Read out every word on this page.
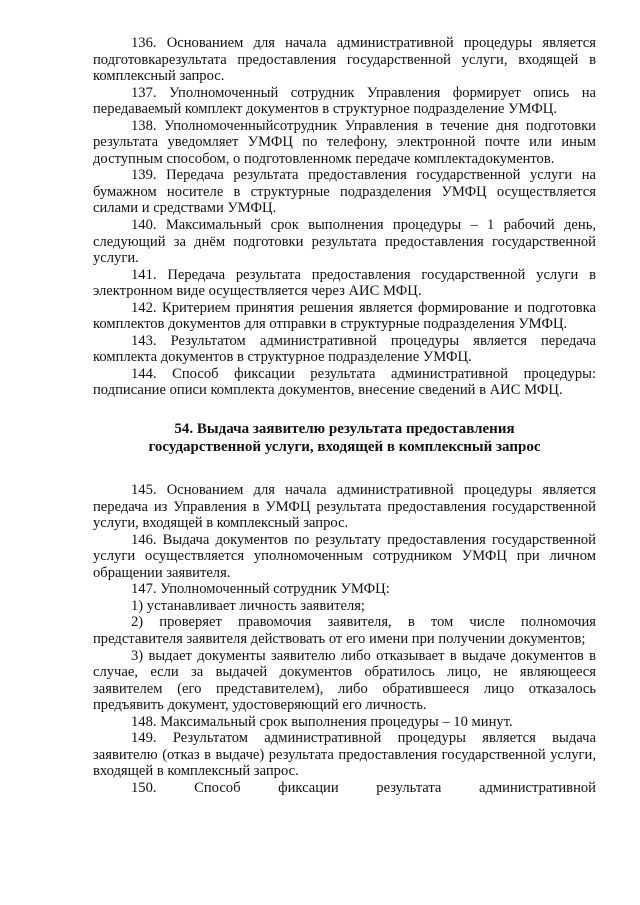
136. Основанием для начала административной процедуры является подготовкарезультата предоставления государственной услуги, входящей в комплексный запрос.

137. Уполномоченный сотрудник Управления формирует опись на передаваемый комплект документов в структурное подразделение УМФЦ.

138. Уполномоченныйсотрудник Управления в течение дня подготовки результата уведомляет УМФЦ по телефону, электронной почте или иным доступным способом, о подготовленномк передаче комплектадокументов.

139. Передача результата предоставления государственной услуги на бумажном носителе в структурные подразделения УМФЦ осуществляется силами и средствами УМФЦ.

140. Максимальный срок выполнения процедуры – 1 рабочий день, следующий за днём подготовки результата предоставления государственной услуги.

141. Передача результата предоставления государственной услуги в электронном виде осуществляется через АИС МФЦ.

142. Критерием принятия решения является формирование и подготовка комплектов документов для отправки в структурные подразделения УМФЦ.

143. Результатом административной процедуры является передача комплекта документов в структурное подразделение УМФЦ.

144. Способ фиксации результата административной процедуры: подписание описи комплекта документов, внесение сведений в АИС МФЦ.

54. Выдача заявителю результата предоставления
государственной услуги, входящей в комплексный запрос

145. Основанием для начала административной процедуры является передача из Управления в УМФЦ результата предоставления государственной услуги, входящей в комплексный запрос.

146. Выдача документов по результату предоставления государственной услуги осуществляется уполномоченным сотрудником УМФЦ при личном обращении заявителя.

147. Уполномоченный сотрудник УМФЦ:

1) устанавливает личность заявителя;

2) проверяет правомочия заявителя, в том числе полномочия представителя заявителя действовать от его имени при получении документов;

3) выдает документы заявителю либо отказывает в выдаче документов в случае, если за выдачей документов обратилось лицо, не являющееся заявителем (его представителем), либо обратившееся лицо отказалось предъявить документ, удостоверяющий его личность.

148. Максимальный срок выполнения процедуры – 10 минут.

149. Результатом административной процедуры является выдача заявителю (отказ в выдаче) результата предоставления государственной услуги, входящей в комплексный запрос.

150. Способ фиксации результата административной
